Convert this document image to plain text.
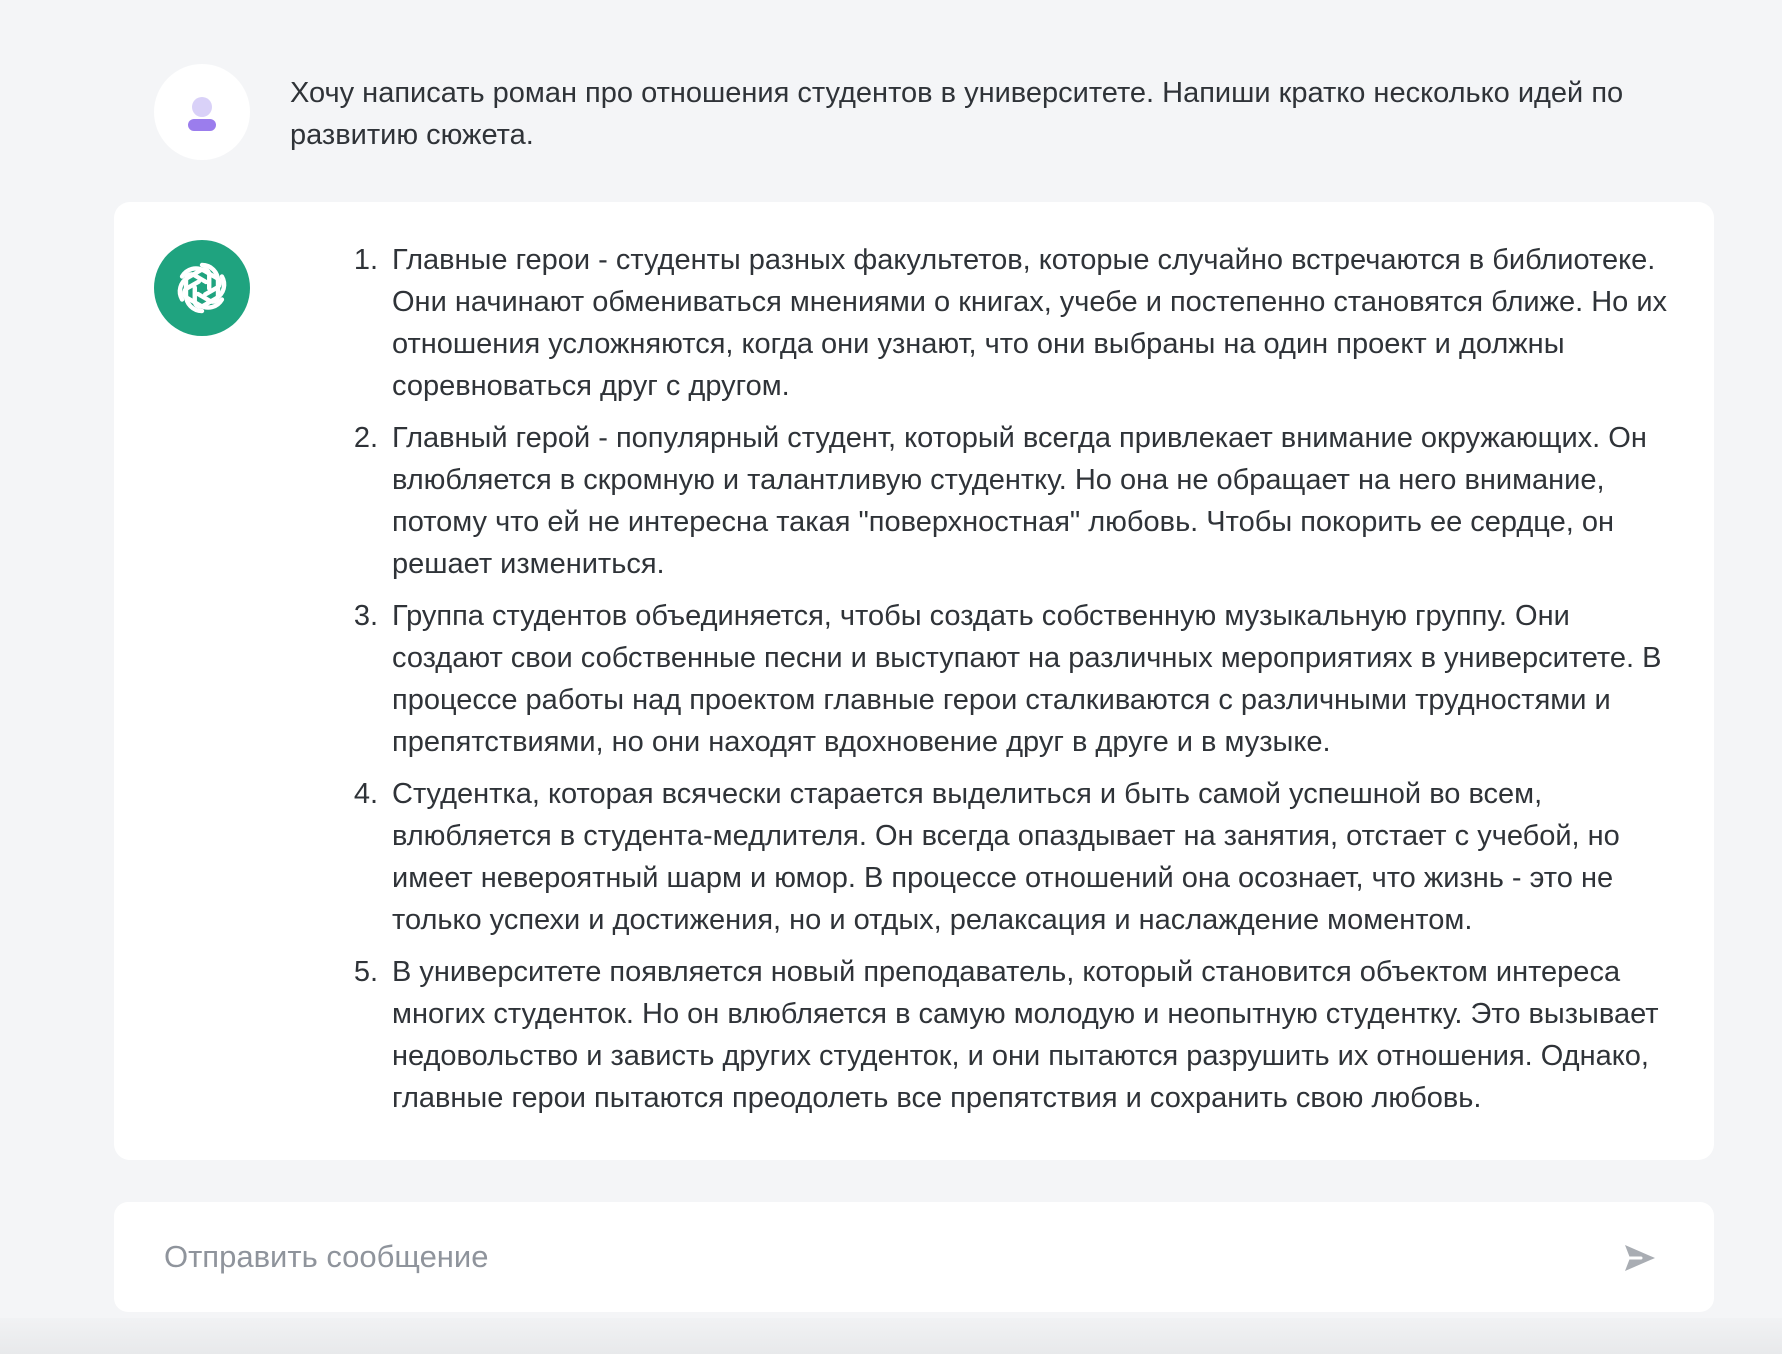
Хочу написать роман про отношения студентов в университете. Напиши кратко несколько идей по развитию сюжета.
1. Главные герои - студенты разных факультетов, которые случайно встречаются в библиотеке. Они начинают обмениваться мнениями о книгах, учебе и постепенно становятся ближе. Но их отношения усложняются, когда они узнают, что они выбраны на один проект и должны соревноваться друг с другом.
2. Главный герой - популярный студент, который всегда привлекает внимание окружающих. Он влюбляется в скромную и талантливую студентку. Но она не обращает на него внимание, потому что ей не интересна такая "поверхностная" любовь. Чтобы покорить ее сердце, он решает измениться.
3. Группа студентов объединяется, чтобы создать собственную музыкальную группу. Они создают свои собственные песни и выступают на различных мероприятиях в университете. В процессе работы над проектом главные герои сталкиваются с различными трудностями и препятствиями, но они находят вдохновение друг в друге и в музыке.
4. Студентка, которая всячески старается выделиться и быть самой успешной во всем, влюбляется в студента-медлителя. Он всегда опаздывает на занятия, отстает с учебой, но имеет невероятный шарм и юмор. В процессе отношений она осознает, что жизнь - это не только успехи и достижения, но и отдых, релаксация и наслаждение моментом.
5. В университете появляется новый преподаватель, который становится объектом интереса многих студенток. Но он влюбляется в самую молодую и неопытную студентку. Это вызывает недовольство и зависть других студенток, и они пытаются разрушить их отношения. Однако, главные герои пытаются преодолеть все препятствия и сохранить свою любовь.
Отправить сообщение
